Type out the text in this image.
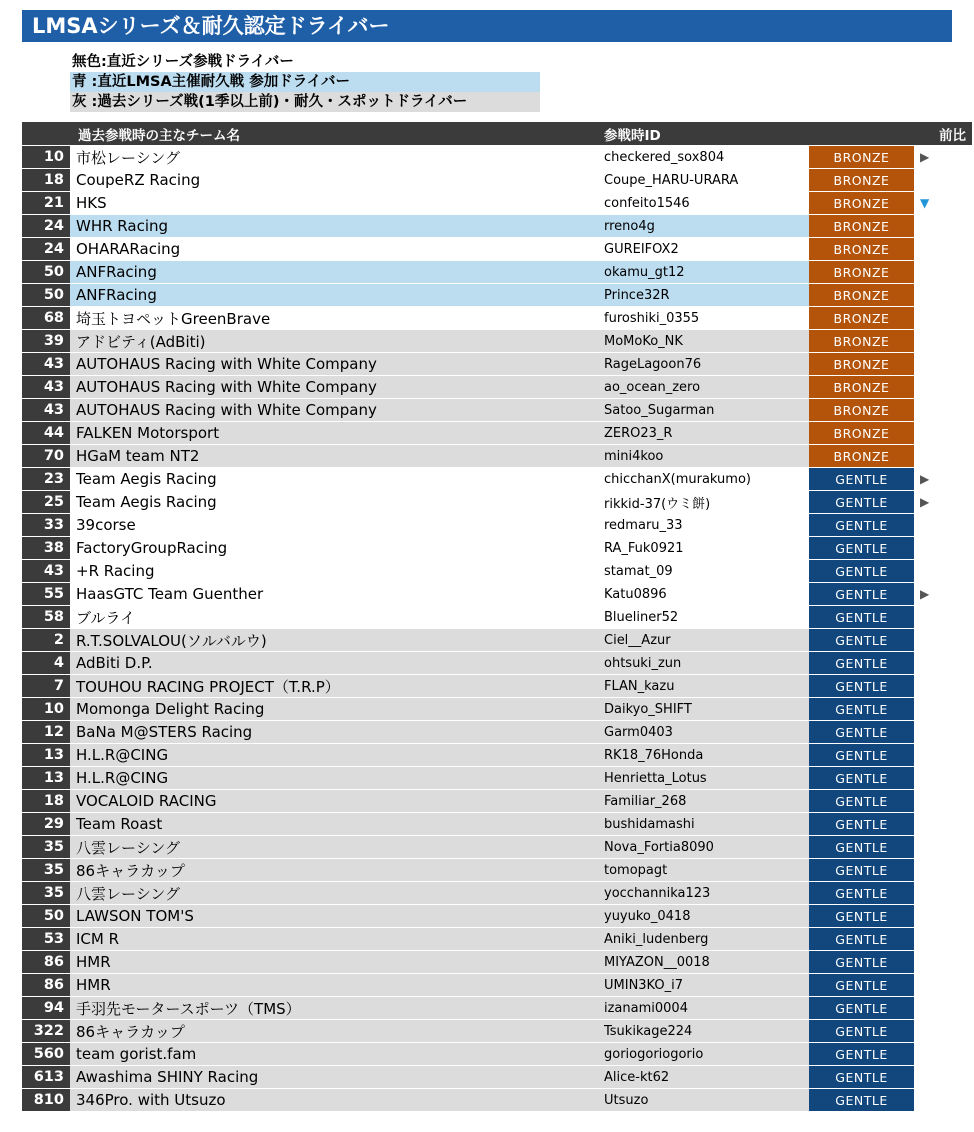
LMSAシリーズ＆耐久認定ドライバー
無色:直近シリーズ参戦ドライバー
青 :直近LMSA主催耐久戦 参加ドライバー
灰 :過去シリーズ戦(1季以上前)・耐久・スポットドライバー
	過去参戦時の主なチーム名	参戦時ID		前比
10	市松レーシング	checkered_sox804	BRONZE	▶
18	CoupeRZ Racing	Coupe_HARU-URARA	BRONZE	
21	HKS	confeito1546	BRONZE	▼
24	WHR Racing	rreno4g	BRONZE	
24	OHARARacing	GUREIFOX2	BRONZE	
50	ANFRacing	okamu_gt12	BRONZE	
50	ANFRacing	Prince32R	BRONZE	
68	埼玉トヨペットGreenBrave	furoshiki_0355	BRONZE	
39	アドビティ(AdBiti)	MoMoKo_NK	BRONZE	
43	AUTOHAUS Racing with White Company	RageLagoon76	BRONZE	
43	AUTOHAUS Racing with White Company	ao_ocean_zero	BRONZE	
43	AUTOHAUS Racing with White Company	Satoo_Sugarman	BRONZE	
44	FALKEN Motorsport	ZERO23_R	BRONZE	
70	HGaM team NT2	mini4koo	BRONZE	
23	Team Aegis Racing	chicchanX(murakumo)	GENTLE	▶
25	Team Aegis Racing	rikkid-37(ウミ餅)	GENTLE	▶
33	39corse	redmaru_33	GENTLE	
38	FactoryGroupRacing	RA_Fuk0921	GENTLE	
43	+R Racing	stamat_09	GENTLE	
55	HaasGTC Team Guenther	Katu0896	GENTLE	▶
58	ブルライ	Blueliner52	GENTLE	
2	R.T.SOLVALOU(ソルバルウ)	Ciel__Azur	GENTLE	
4	AdBiti D.P.	ohtsuki_zun	GENTLE	
7	TOUHOU RACING PROJECT（T.R.P）	FLAN_kazu	GENTLE	
10	Momonga Delight Racing	Daikyo_SHIFT	GENTLE	
12	BaNa M@STERS Racing	Garm0403	GENTLE	
13	H.L.R@CING	RK18_76Honda	GENTLE	
13	H.L.R@CING	Henrietta_Lotus	GENTLE	
18	VOCALOID RACING	Familiar_268	GENTLE	
29	Team Roast	bushidamashi	GENTLE	
35	八雲レーシング	Nova_Fortia8090	GENTLE	
35	86キャラカップ	tomopagt	GENTLE	
35	八雲レーシング	yocchannika123	GENTLE	
50	LAWSON TOM'S	yuyuko_0418	GENTLE	
53	ICM R	Aniki_ludenberg	GENTLE	
86	HMR	MIYAZON__0018	GENTLE	
86	HMR	UMIN3KO_i7	GENTLE	
94	手羽先モータースポーツ（TMS）	izanami0004	GENTLE	
322	86キャラカップ	Tsukikage224	GENTLE	
560	team gorist.fam	goriogoriogorio	GENTLE	
613	Awashima SHINY Racing	Alice-kt62	GENTLE	
810	346Pro. with Utsuzo	Utsuzo	GENTLE	
